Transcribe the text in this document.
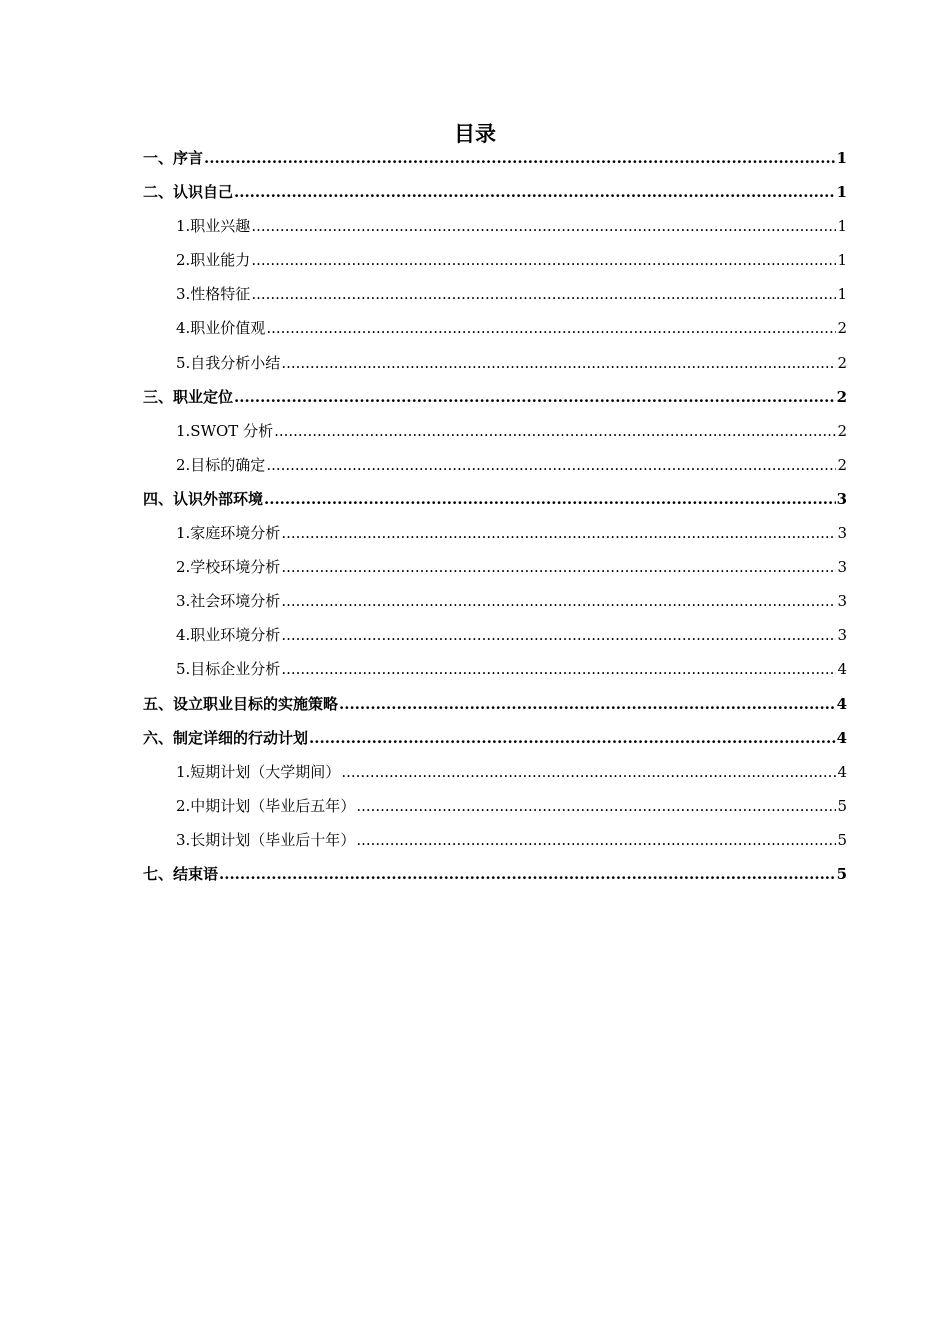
目录
一、序言 .....	1
二、认识自己 .....	1
1.职业兴趣 .....	1
2.职业能力 .....	1
3.性格特征 .....	1
4.职业价值观 .....	2
5.自我分析小结 .....	2
三、职业定位 .....	2
1.SWOT 分析 .....	2
2.目标的确定 .....	2
四、认识外部环境 .....	3
1.家庭环境分析 .....	3
2.学校环境分析 .....	3
3.社会环境分析 .....	3
4.职业环境分析 .....	3
5.目标企业分析 .....	4
五、设立职业目标的实施策略 .....	4
六、制定详细的行动计划 .....	4
1.短期计划（大学期间） .....	4
2.中期计划（毕业后五年） .....	5
3.长期计划（毕业后十年） .....	5
七、结束语 .....	5
